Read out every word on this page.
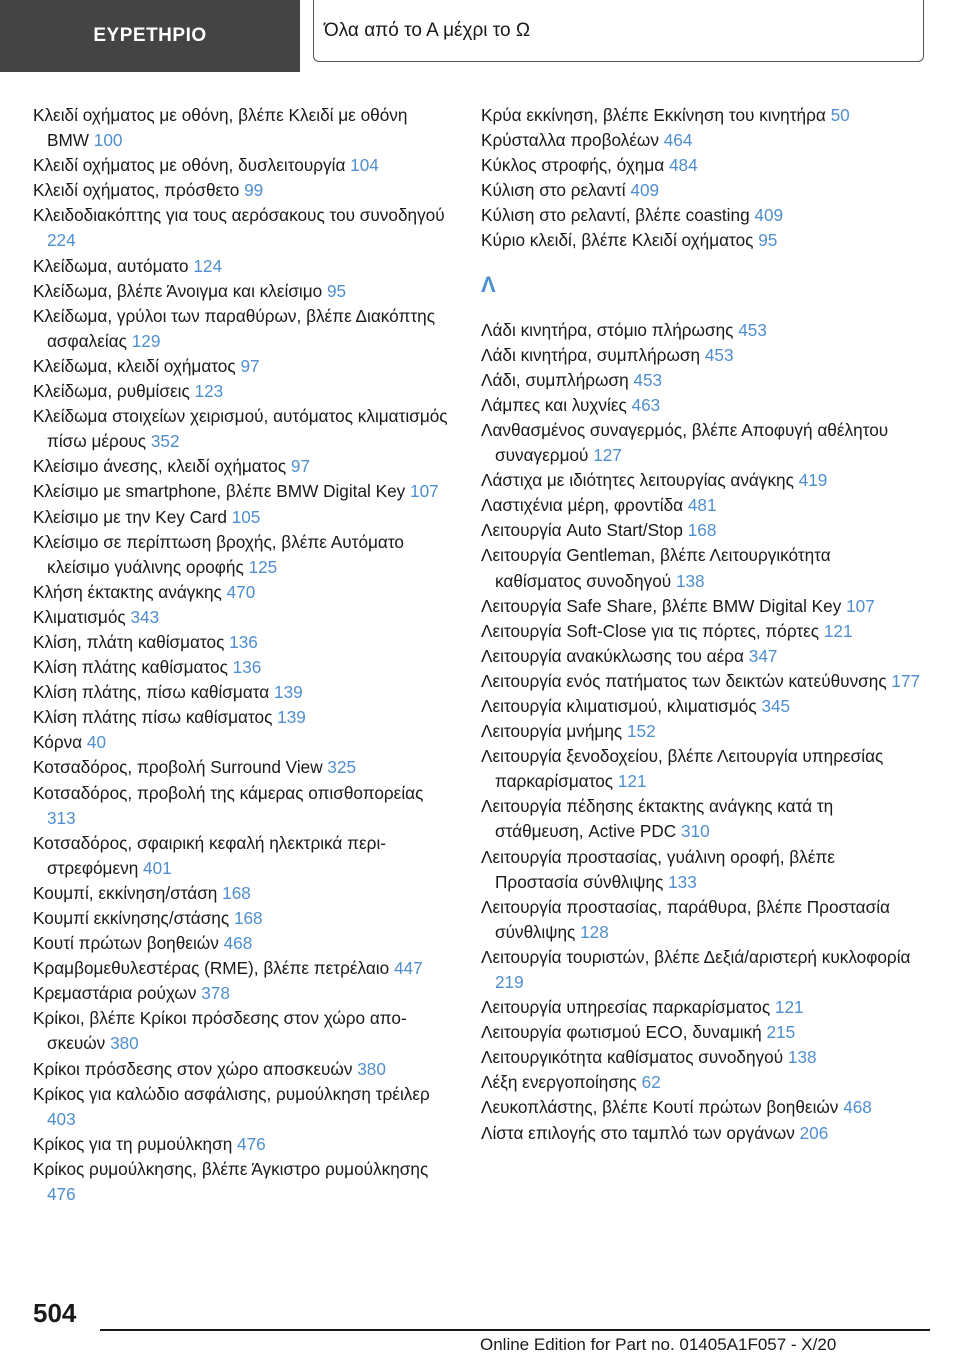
ΕΥΡΕΤΗΡΙΟ	Όλα από το Α μέχρι το Ω

Κλειδί οχήματος με οθόνη, βλέπε Κλειδί με οθόνη BMW 100

Κλειδί οχήματος με οθόνη, δυσλειτουργία 104

Κλειδί οχήματος, πρόσθετο 99

Κλειδοδιακόπτης για τους αερόσακους του συνοδηγού 224

Κλείδωμα, αυτόματο 124

Κλείδωμα, βλέπε Άνοιγμα και κλείσιμο 95

Κλείδωμα, γρύλοι των παραθύρων, βλέπε Διακόπτης ασφαλείας 129

Κλείδωμα, κλειδί οχήματος 97

Κλείδωμα, ρυθμίσεις 123

Κλείδωμα στοιχείων χειρισμού, αυτόματος κλιματισμός πίσω μέρους 352

Κλείσιμο άνεσης, κλειδί οχήματος 97

Κλείσιμο με smartphone, βλέπε BMW Digital Key 107

Κλείσιμο με την Key Card 105

Κλείσιμο σε περίπτωση βροχής, βλέπε Αυτόματο κλείσιμο γυάλινης οροφής 125

Κλήση έκτακτης ανάγκης 470

Κλιματισμός 343

Κλίση, πλάτη καθίσματος 136

Κλίση πλάτης καθίσματος 136

Κλίση πλάτης, πίσω καθίσματα 139

Κλίση πλάτης πίσω καθίσματος 139

Κόρνα 40

Κοτσαδόρος, προβολή Surround View 325

Κοτσαδόρος, προβολή της κάμερας οπισθοπορείας 313

Κοτσαδόρος, σφαιρική κεφαλή ηλεκτρικά περιστρεφόμενη 401

Κουμπί, εκκίνηση/στάση 168

Κουμπί εκκίνησης/στάσης 168

Κουτί πρώτων βοηθειών 468

Κραμβομεθυλεστέρας (RME), βλέπε πετρέλαιο 447

Κρεμαστάρια ρούχων 378

Κρίκοι, βλέπε Κρίκοι πρόσδεσης στον χώρο αποσκευών 380

Κρίκοι πρόσδεσης στον χώρο αποσκευών 380

Κρίκος για καλώδιο ασφάλισης, ρυμούλκηση τρέιλερ 403

Κρίκος για τη ρυμούλκηση 476

Κρίκος ρυμούλκησης, βλέπε Άγκιστρο ρυμούλκησης 476

Κρύα εκκίνηση, βλέπε Εκκίνηση του κινητήρα 50

Κρύσταλλα προβολέων 464

Κύκλος στροφής, όχημα 484

Κύλιση στο ρελαντί 409

Κύλιση στο ρελαντί, βλέπε coasting 409

Κύριο κλειδί, βλέπε Κλειδί οχήματος 95

Λ

Λάδι κινητήρα, στόμιο πλήρωσης 453

Λάδι κινητήρα, συμπλήρωση 453

Λάδι, συμπλήρωση 453

Λάμπες και λυχνίες 463

Λανθασμένος συναγερμός, βλέπε Αποφυγή αθέλητου συναγερμού 127

Λάστιχα με ιδιότητες λειτουργίας ανάγκης 419

Λαστιχένια μέρη, φροντίδα 481

Λειτουργία Auto Start/Stop 168

Λειτουργία Gentleman, βλέπε Λειτουργικότητα καθίσματος συνοδηγού 138

Λειτουργία Safe Share, βλέπε BMW Digital Key 107

Λειτουργία Soft-Close για τις πόρτες, πόρτες 121

Λειτουργία ανακύκλωσης του αέρα 347

Λειτουργία ενός πατήματος των δεικτών κατεύθυνσης 177

Λειτουργία κλιματισμού, κλιματισμός 345

Λειτουργία μνήμης 152

Λειτουργία ξενοδοχείου, βλέπε Λειτουργία υπηρεσίας παρκαρίσματος 121

Λειτουργία πέδησης έκτακτης ανάγκης κατά τη στάθμευση, Active PDC 310

Λειτουργία προστασίας, γυάλινη οροφή, βλέπε Προστασία σύνθλιψης 133

Λειτουργία προστασίας, παράθυρα, βλέπε Προστασία σύνθλιψης 128

Λειτουργία τουριστών, βλέπε Δεξιά/αριστερή κυκλοφορία 219

Λειτουργία υπηρεσίας παρκαρίσματος 121

Λειτουργία φωτισμού ECO, δυναμική 215

Λειτουργικότητα καθίσματος συνοδηγού 138

Λέξη ενεργοποίησης 62

Λευκοπλάστης, βλέπε Κουτί πρώτων βοηθειών 468

Λίστα επιλογής στο ταμπλό των οργάνων 206

504
Online Edition for Part no. 01405A1F057 - X/20
